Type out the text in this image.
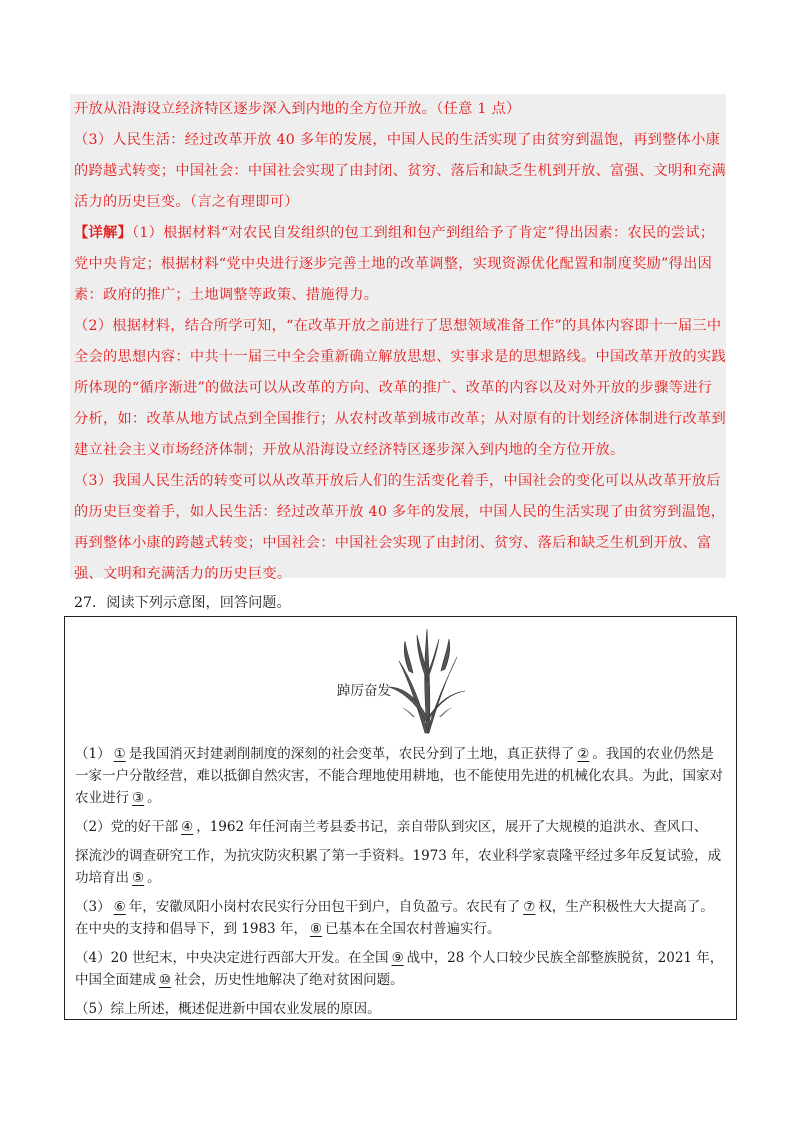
开放从沿海设立经济特区逐步深入到内地的全方位开放。（任意 1 点）

（3）人民生活：经过改革开放 40 多年的发展，中国人民的生活实现了由贫穷到温饱，再到整体小康的跨越式转变；中国社会：中国社会实现了由封闭、贫穷、落后和缺乏生机到开放、富强、文明和充满活力的历史巨变。（言之有理即可）

【详解】（1）根据材料“对农民自发组织的包工到组和包产到组给予了肯定”得出因素：农民的尝试；党中央肯定；根据材料“党中央进行逐步完善土地的改革调整，实现资源优化配置和制度奖励”得出因素：政府的推广；土地调整等政策、措施得力。

（2）根据材料，结合所学可知，“在改革开放之前进行了思想领域准备工作”的具体内容即十一届三中全会的思想内容：中共十一届三中全会重新确立解放思想、实事求是的思想路线。中国改革开放的实践所体现的“循序渐进”的做法可以从改革的方向、改革的推广、改革的内容以及对外开放的步骤等进行分析，如：改革从地方试点到全国推行；从农村改革到城市改革；从对原有的计划经济体制进行改革到建立社会主义市场经济体制；开放从沿海设立经济特区逐步深入到内地的全方位开放。

（3）我国人民生活的转变可以从改革开放后人们的生活变化着手，中国社会的变化可以从改革开放后的历史巨变着手，如人民生活：经过改革开放 40 多年的发展，中国人民的生活实现了由贫穷到温饱，再到整体小康的跨越式转变；中国社会：中国社会实现了由封闭、贫穷、落后和缺乏生机到开放、富强、文明和充满活力的历史巨变。

27．阅读下列示意图，回答问题。
踔厉奋发

（1） ① 是我国消灭封建剥削制度的深刻的社会变革，农民分到了土地，真正获得了 ② 。我国的农业仍然是一家一户分散经营，难以抵御自然灾害，不能合理地使用耕地，也不能使用先进的机械化农具。为此，国家对农业进行 ③ 。

（2）党的好干部 ④ ，1962 年任河南兰考县委书记，亲自带队到灾区，展开了大规模的追洪水、查风口、

探流沙的调查研究工作，为抗灾防灾积累了第一手资料。1973 年，农业科学家袁隆平经过多年反复试验，成功培育出 ⑤ 。

（3） ⑥ 年，安徽凤阳小岗村农民实行分田包干到户，自负盈亏。农民有了 ⑦ 权，生产积极性大大提高了。在中央的支持和倡导下，到 1983 年， ⑧ 已基本在全国农村普遍实行。

（4）20 世纪末，中央决定进行西部大开发。在全国 ⑨ 战中，28 个人口较少民族全部整族脱贫，2021 年，中国全面建成 ⑩ 社会，历史性地解决了绝对贫困问题。

（5）综上所述，概述促进新中国农业发展的原因。
